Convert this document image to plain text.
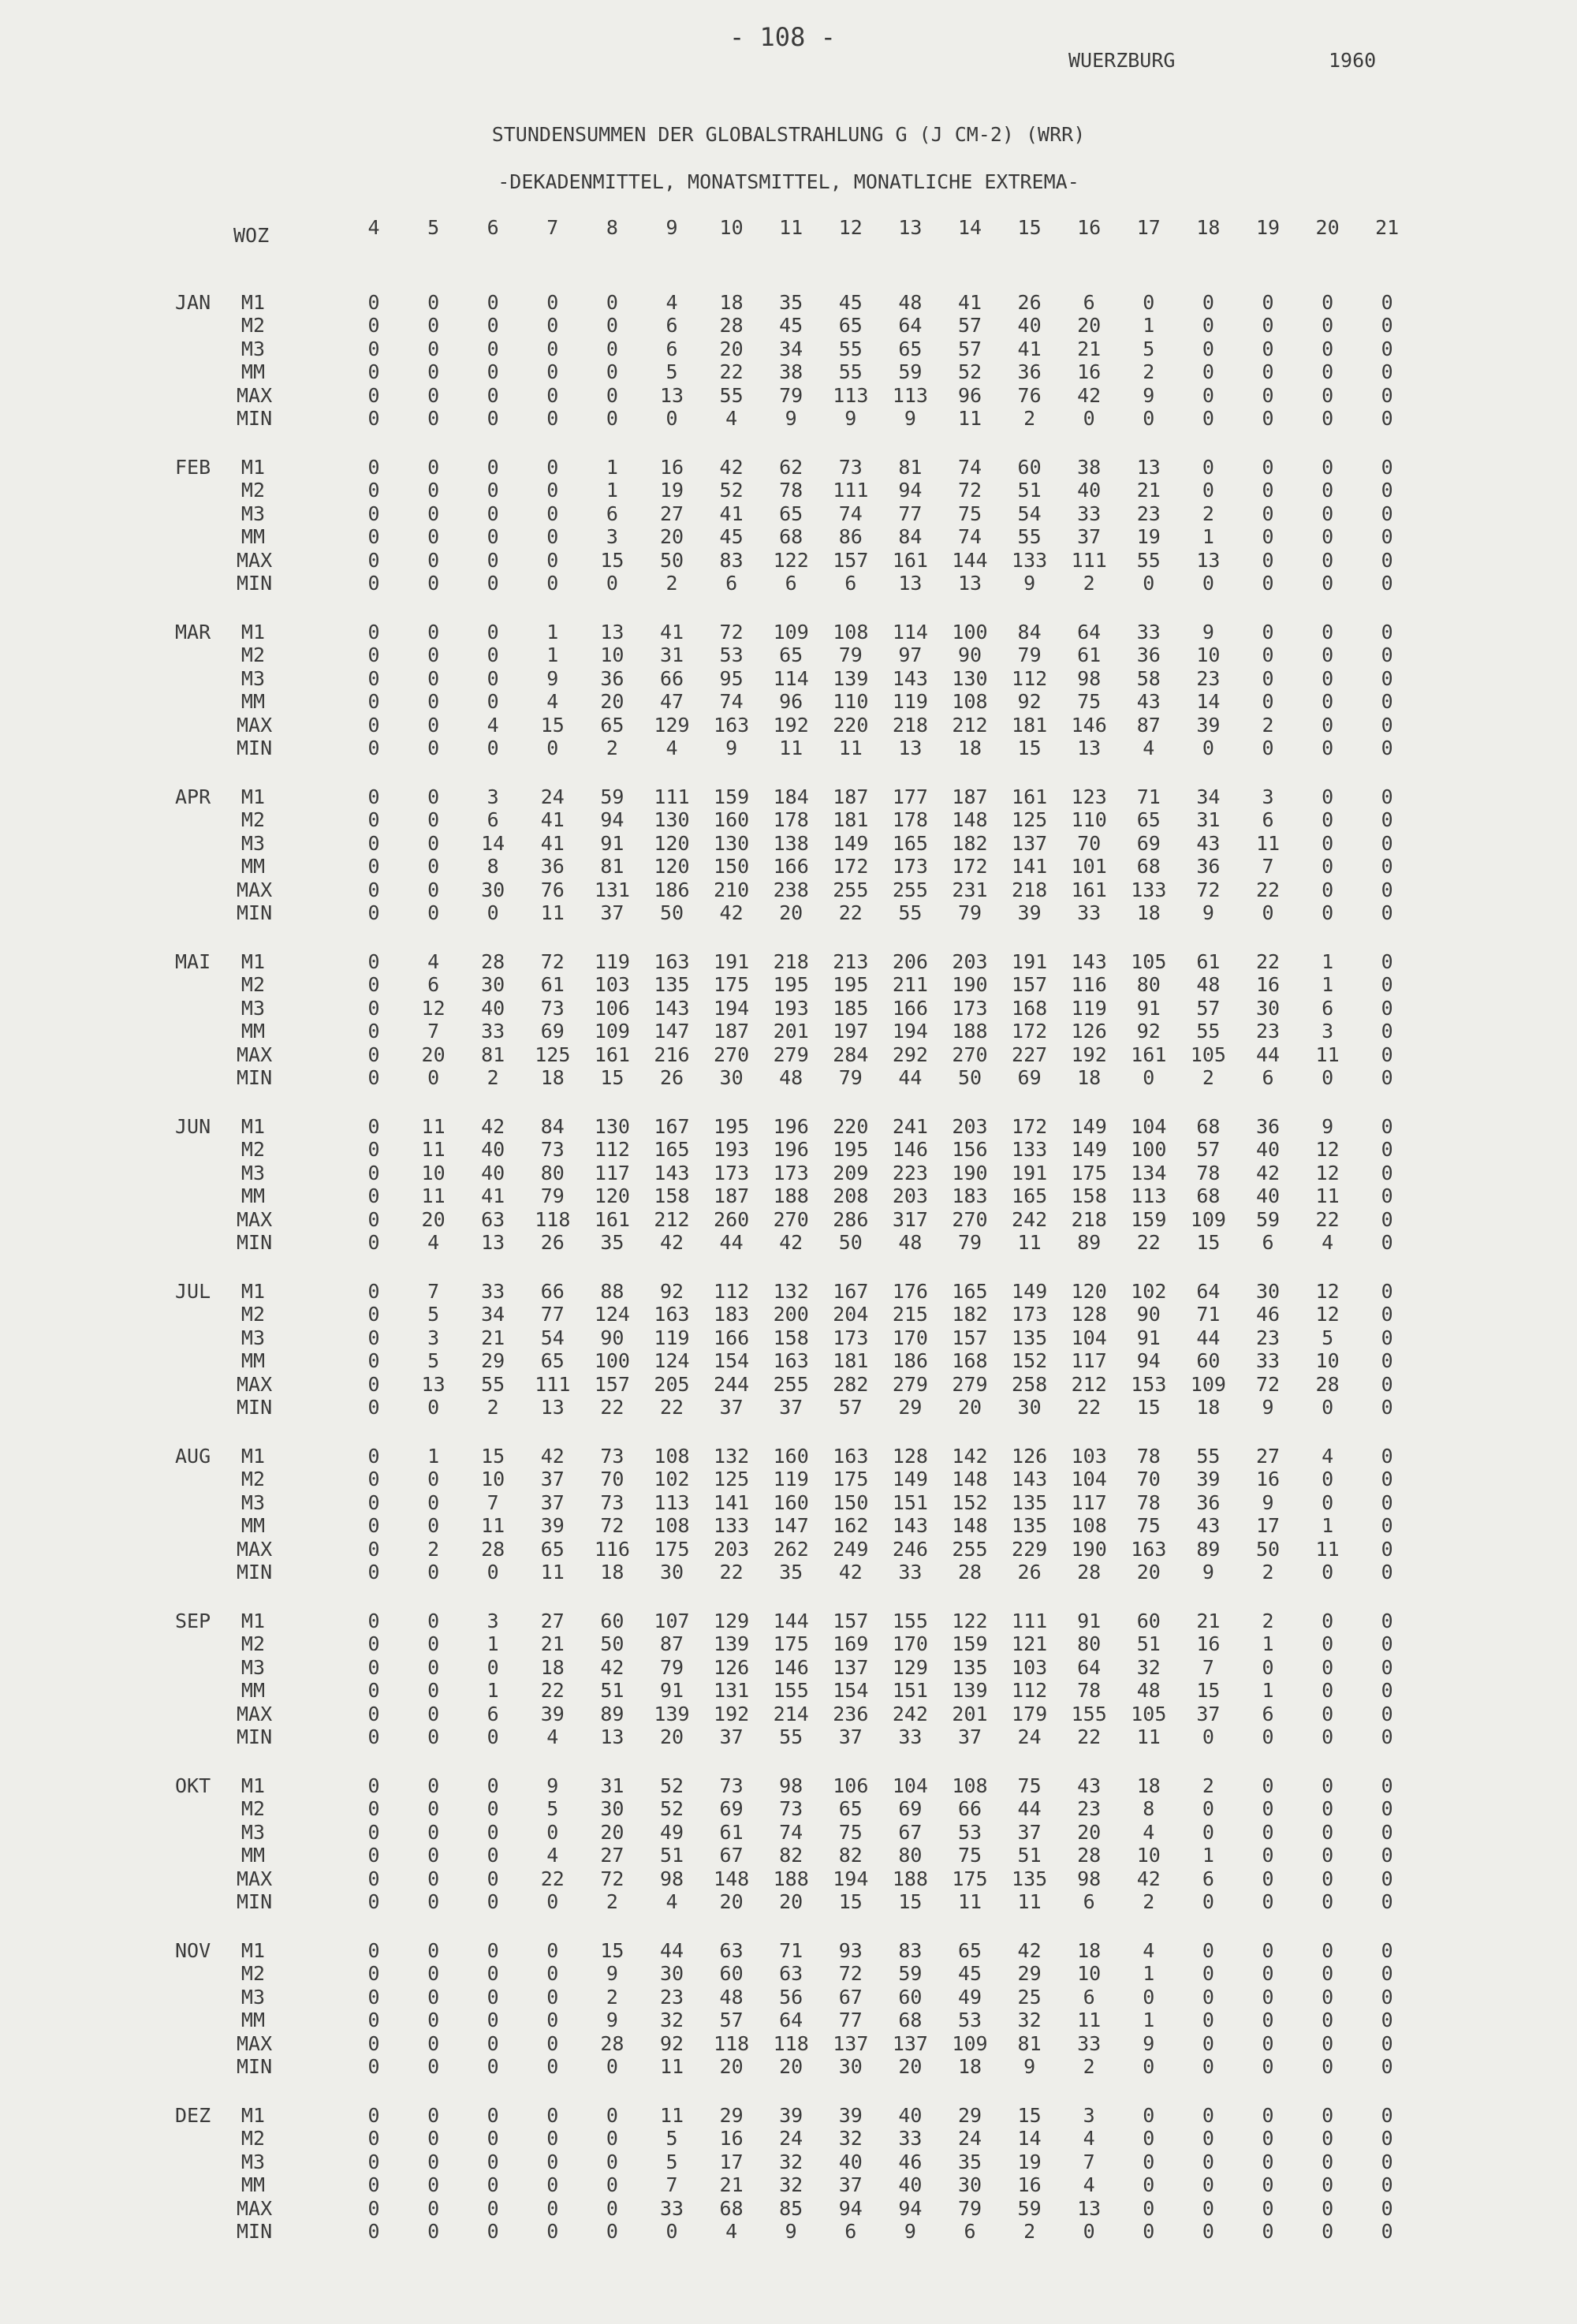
- 108 -
WUERZBURG	1960
STUNDENSUMMEN DER GLOBALSTRAHLUNG G (J CM-2) (WRR)
-DEKADENMITTEL, MONATSMITTEL, MONATLICHE EXTREMA-
WOZ	4	5	6	7	8	9	10	11	12	13	14	15	16	17	18	19	20	21
JAN M1	0	0	0	0	0	4	18	35	45	48	41	26	6	0	0	0	0	0
M2	0	0	0	0	0	6	28	45	65	64	57	40	20	1	0	0	0	0
M3	0	0	0	0	0	6	20	34	55	65	57	41	21	5	0	0	0	0
MM	0	0	0	0	0	5	22	38	55	59	52	36	16	2	0	0	0	0
MAX	0	0	0	0	0	13	55	79	113	113	96	76	42	9	0	0	0	0
MIN	0	0	0	0	0	0	4	9	9	9	11	2	0	0	0	0	0	0
FEB M1	0	0	0	0	1	16	42	62	73	81	74	60	38	13	0	0	0	0
M2	0	0	0	0	1	19	52	78	111	94	72	51	40	21	0	0	0	0
M3	0	0	0	0	6	27	41	65	74	77	75	54	33	23	2	0	0	0
MM	0	0	0	0	3	20	45	68	86	84	74	55	37	19	1	0	0	0
MAX	0	0	0	0	15	50	83	122	157	161	144	133	111	55	13	0	0	0
MIN	0	0	0	0	0	2	6	6	6	13	13	9	2	0	0	0	0	0
MAR M1	0	0	0	1	13	41	72	109	108	114	100	84	64	33	9	0	0	0
M2	0	0	0	1	10	31	53	65	79	97	90	79	61	36	10	0	0	0
M3	0	0	0	9	36	66	95	114	139	143	130	112	98	58	23	0	0	0
MM	0	0	0	4	20	47	74	96	110	119	108	92	75	43	14	0	0	0
MAX	0	0	4	15	65	129	163	192	220	218	212	181	146	87	39	2	0	0
MIN	0	0	0	0	2	4	9	11	11	13	18	15	13	4	0	0	0	0
APR M1	0	0	3	24	59	111	159	184	187	177	187	161	123	71	34	3	0	0
M2	0	0	6	41	94	130	160	178	181	178	148	125	110	65	31	6	0	0
M3	0	0	14	41	91	120	130	138	149	165	182	137	70	69	43	11	0	0
MM	0	0	8	36	81	120	150	166	172	173	172	141	101	68	36	7	0	0
MAX	0	0	30	76	131	186	210	238	255	255	231	218	161	133	72	22	0	0
MIN	0	0	0	11	37	50	42	20	22	55	79	39	33	18	9	0	0	0
MAI M1	0	4	28	72	119	163	191	218	213	206	203	191	143	105	61	22	1	0
M2	0	6	30	61	103	135	175	195	195	211	190	157	116	80	48	16	1	0
M3	0	12	40	73	106	143	194	193	185	166	173	168	119	91	57	30	6	0
MM	0	7	33	69	109	147	187	201	197	194	188	172	126	92	55	23	3	0
MAX	0	20	81	125	161	216	270	279	284	292	270	227	192	161	105	44	11	0
MIN	0	0	2	18	15	26	30	48	79	44	50	69	18	0	2	6	0	0
JUN M1	0	11	42	84	130	167	195	196	220	241	203	172	149	104	68	36	9	0
M2	0	11	40	73	112	165	193	196	195	146	156	133	149	100	57	40	12	0
M3	0	10	40	80	117	143	173	173	209	223	190	191	175	134	78	42	12	0
MM	0	11	41	79	120	158	187	188	208	203	183	165	158	113	68	40	11	0
MAX	0	20	63	118	161	212	260	270	286	317	270	242	218	159	109	59	22	0
MIN	0	4	13	26	35	42	44	42	50	48	79	11	89	22	15	6	4	0
JUL M1	0	7	33	66	88	92	112	132	167	176	165	149	120	102	64	30	12	0
M2	0	5	34	77	124	163	183	200	204	215	182	173	128	90	71	46	12	0
M3	0	3	21	54	90	119	166	158	173	170	157	135	104	91	44	23	5	0
MM	0	5	29	65	100	124	154	163	181	186	168	152	117	94	60	33	10	0
MAX	0	13	55	111	157	205	244	255	282	279	279	258	212	153	109	72	28	0
MIN	0	0	2	13	22	22	37	37	57	29	20	30	22	15	18	9	0	0
AUG M1	0	1	15	42	73	108	132	160	163	128	142	126	103	78	55	27	4	0
M2	0	0	10	37	70	102	125	119	175	149	148	143	104	70	39	16	0	0
M3	0	0	7	37	73	113	141	160	150	151	152	135	117	78	36	9	0	0
MM	0	0	11	39	72	108	133	147	162	143	148	135	108	75	43	17	1	0
MAX	0	2	28	65	116	175	203	262	249	246	255	229	190	163	89	50	11	0
MIN	0	0	0	11	18	30	22	35	42	33	28	26	28	20	9	2	0	0
SEP M1	0	0	3	27	60	107	129	144	157	155	122	111	91	60	21	2	0	0
M2	0	0	1	21	50	87	139	175	169	170	159	121	80	51	16	1	0	0
M3	0	0	0	18	42	79	126	146	137	129	135	103	64	32	7	0	0	0
MM	0	0	1	22	51	91	131	155	154	151	139	112	78	48	15	1	0	0
MAX	0	0	6	39	89	139	192	214	236	242	201	179	155	105	37	6	0	0
MIN	0	0	0	4	13	20	37	55	37	33	37	24	22	11	0	0	0	0
OKT M1	0	0	0	9	31	52	73	98	106	104	108	75	43	18	2	0	0	0
M2	0	0	0	5	30	52	69	73	65	69	66	44	23	8	0	0	0	0
M3	0	0	0	0	20	49	61	74	75	67	53	37	20	4	0	0	0	0
MM	0	0	0	4	27	51	67	82	82	80	75	51	28	10	1	0	0	0
MAX	0	0	0	22	72	98	148	188	194	188	175	135	98	42	6	0	0	0
MIN	0	0	0	0	2	4	20	20	15	15	11	11	6	2	0	0	0	0
NOV M1	0	0	0	0	15	44	63	71	93	83	65	42	18	4	0	0	0	0
M2	0	0	0	0	9	30	60	63	72	59	45	29	10	1	0	0	0	0
M3	0	0	0	0	2	23	48	56	67	60	49	25	6	0	0	0	0	0
MM	0	0	0	0	9	32	57	64	77	68	53	32	11	1	0	0	0	0
MAX	0	0	0	0	28	92	118	118	137	137	109	81	33	9	0	0	0	0
MIN	0	0	0	0	0	11	20	20	30	20	18	9	2	0	0	0	0	0
DEZ M1	0	0	0	0	0	11	29	39	39	40	29	15	3	0	0	0	0	0
M2	0	0	0	0	0	5	16	24	32	33	24	14	4	0	0	0	0	0
M3	0	0	0	0	0	5	17	32	40	46	35	19	7	0	0	0	0	0
MM	0	0	0	0	0	7	21	32	37	40	30	16	4	0	0	0	0	0
MAX	0	0	0	0	0	33	68	85	94	94	79	59	13	0	0	0	0	0
MIN	0	0	0	0	0	0	4	9	6	9	6	2	0	0	0	0	0	0
